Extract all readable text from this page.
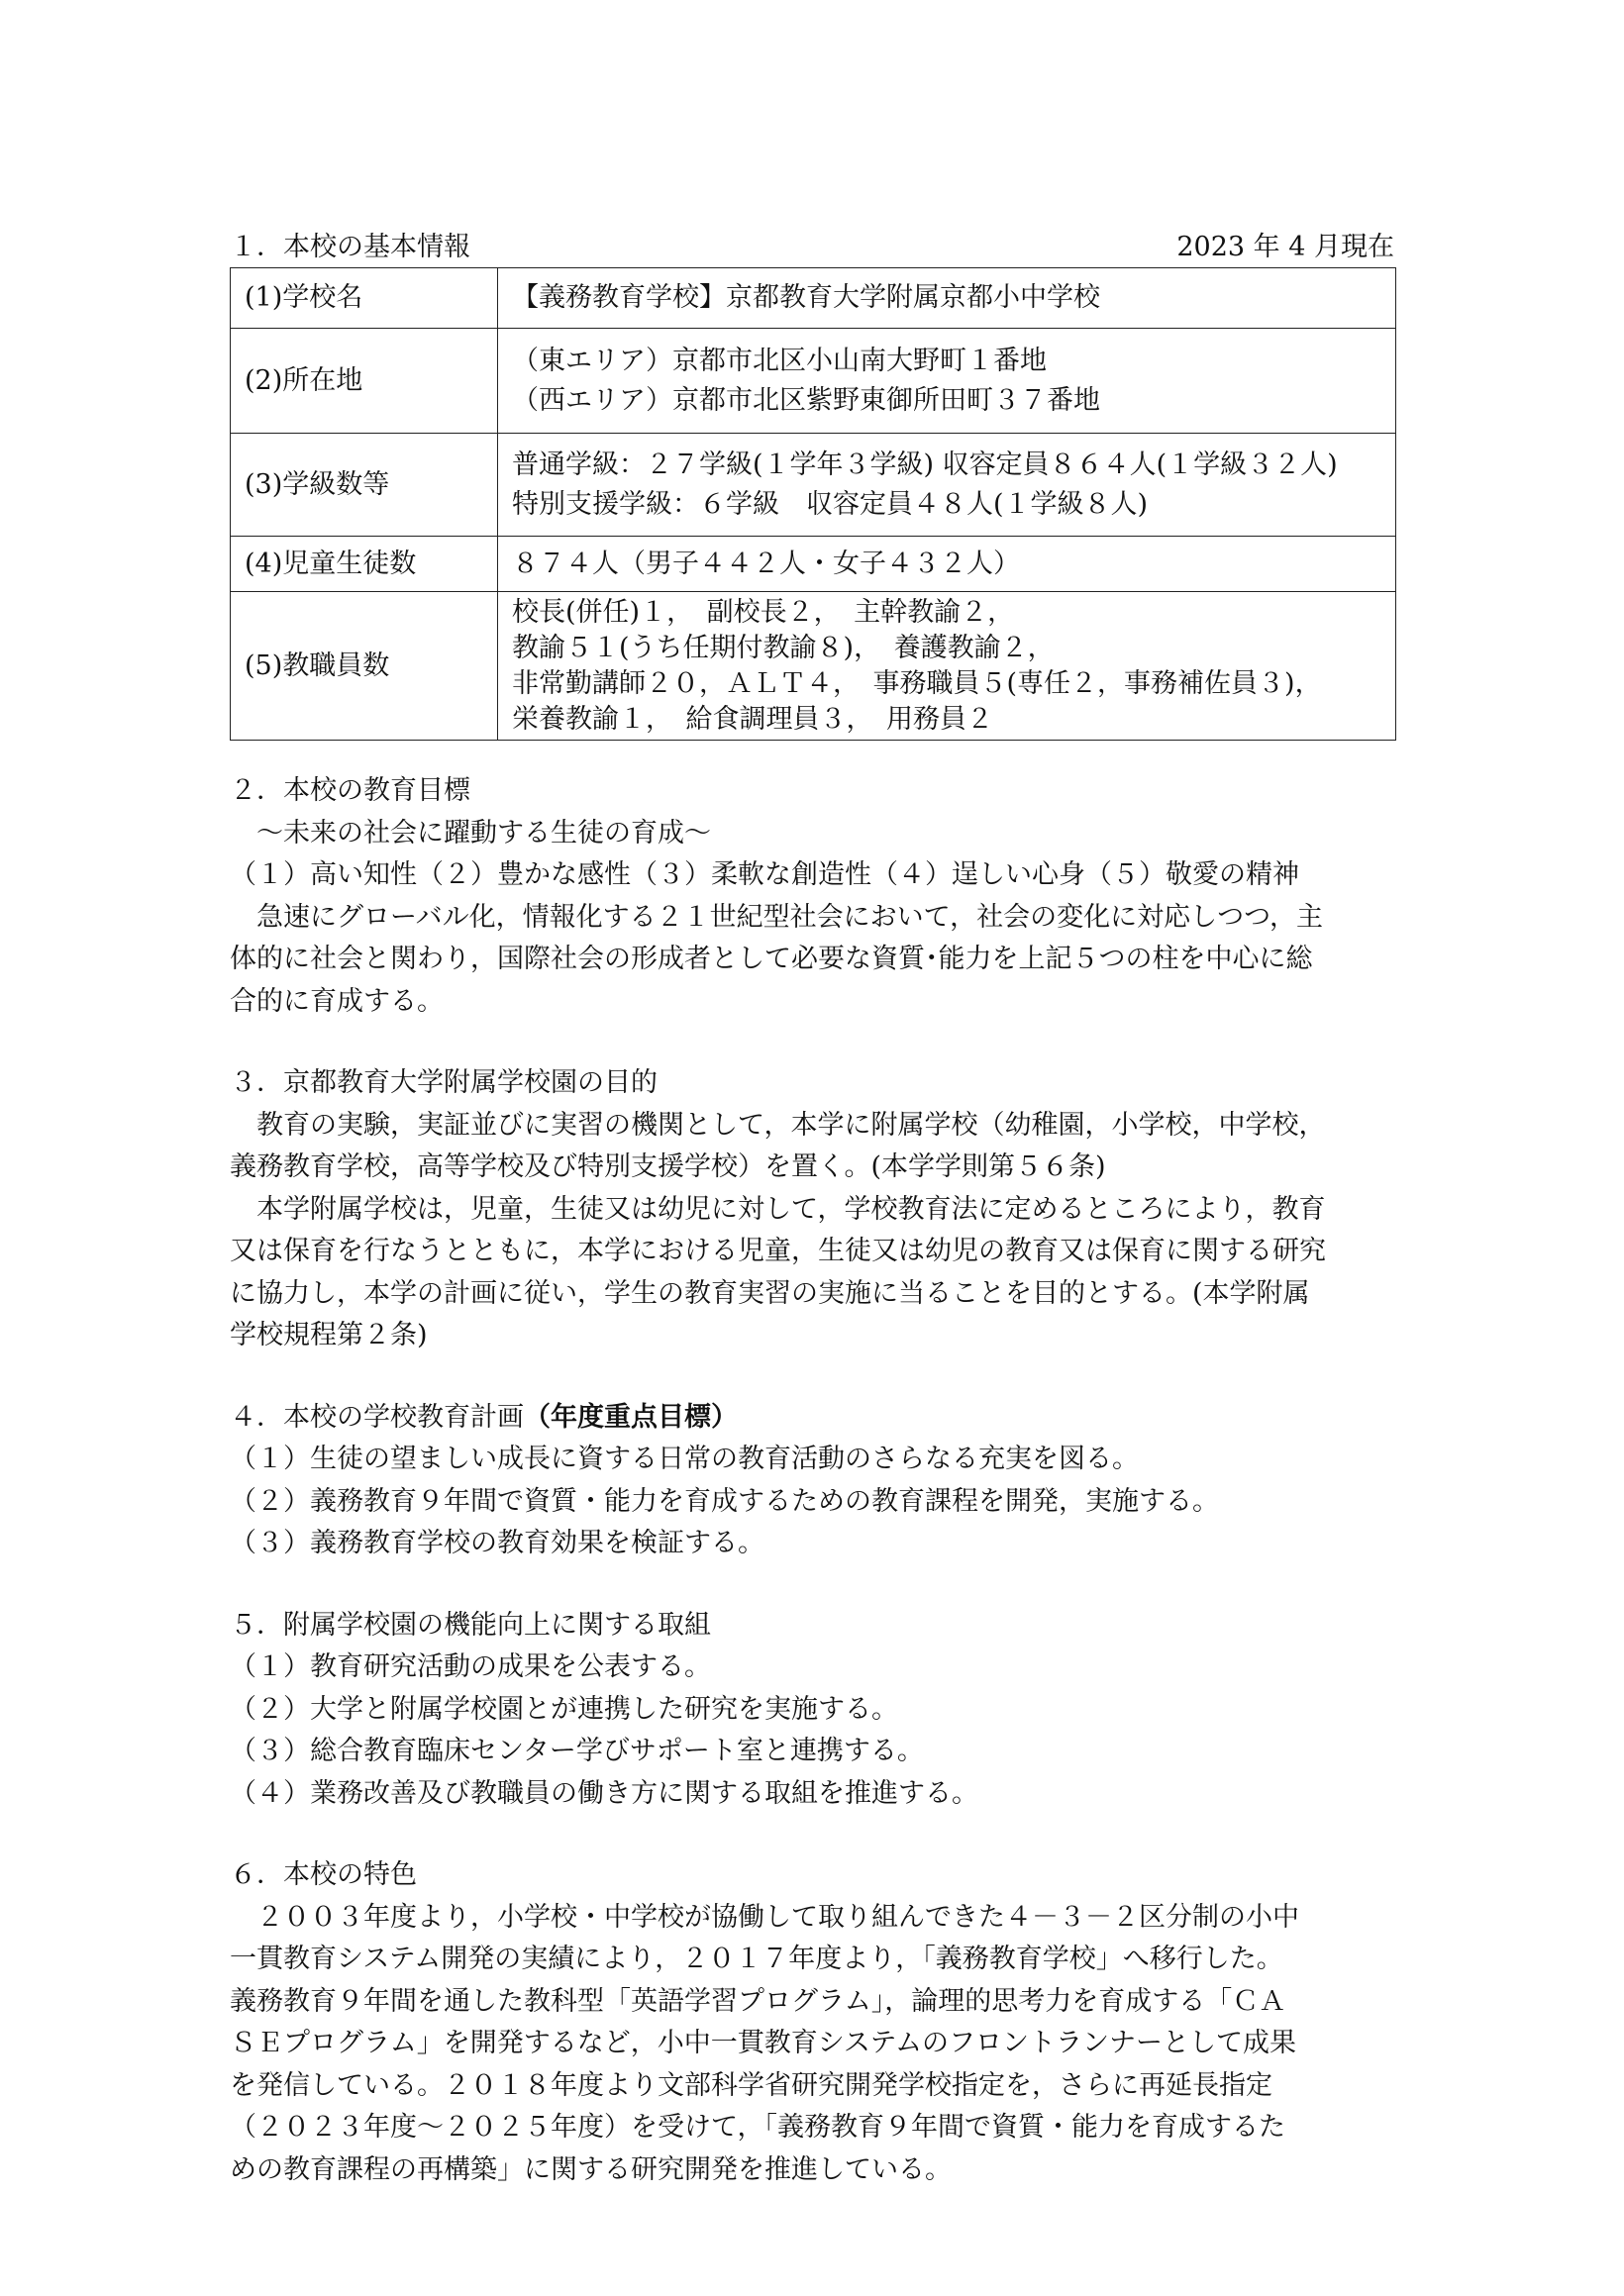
１．本校の基本情報	2023 年 4 月現在
(1)学校名	【義務教育学校】京都教育大学附属京都小中学校

(2)所在地	（東エリア）京都市北区小山南大野町１番地
（西エリア）京都市北区紫野東御所田町３７番地

(3)学級数等	普通学級：２７学級(１学年３学級) 収容定員８６４人(１学級３２人)
特別支援学級：６学級　収容定員４８人(１学級８人)

(4)児童生徒数	８７４人（男子４４２人・女子４３２人）

(5)教職員数	校長(併任)１，　副校長２，　主幹教諭２，
教諭５１(うち任期付教諭８)，　養護教諭２，
非常勤講師２０，ＡＬＴ４，　事務職員５(専任２，事務補佐員３)，
栄養教諭１，　給食調理員３，　用務員２
２．本校の教育目標

～未来の社会に躍動する生徒の育成～

（１）高い知性（２）豊かな感性（３）柔軟な創造性（４）逞しい心身（５）敬愛の精神

急速にグローバル化，情報化する２１世紀型社会において，社会の変化に対応しつつ，主

体的に社会と関わり，国際社会の形成者として必要な資質･能力を上記５つの柱を中心に総

合的に育成する。

３．京都教育大学附属学校園の目的

教育の実験，実証並びに実習の機関として，本学に附属学校（幼稚園，小学校，中学校，

義務教育学校，高等学校及び特別支援学校）を置く。(本学学則第５６条)

本学附属学校は，児童，生徒又は幼児に対して，学校教育法に定めるところにより，教育

又は保育を行なうとともに，本学における児童，生徒又は幼児の教育又は保育に関する研究

に協力し，本学の計画に従い，学生の教育実習の実施に当ることを目的とする。(本学附属

学校規程第２条)

４．本校の学校教育計画（年度重点目標）

（１）生徒の望ましい成長に資する日常の教育活動のさらなる充実を図る。

（２）義務教育９年間で資質・能力を育成するための教育課程を開発，実施する。

（３）義務教育学校の教育効果を検証する。

５．附属学校園の機能向上に関する取組

（１）教育研究活動の成果を公表する。

（２）大学と附属学校園とが連携した研究を実施する。

（３）総合教育臨床センター学びサポート室と連携する。

（４）業務改善及び教職員の働き方に関する取組を推進する。

６．本校の特色

　２００３年度より，小学校・中学校が協働して取り組んできた４－３－２区分制の小中

一貫教育システム開発の実績により，２０１７年度より，「義務教育学校」へ移行した。

義務教育９年間を通した教科型「英語学習プログラム」，論理的思考力を育成する「ＣＡ

ＳＥプログラム」を開発するなど，小中一貫教育システムのフロントランナーとして成果

を発信している。２０１８年度より文部科学省研究開発学校指定を，さらに再延長指定

（２０２３年度～２０２５年度）を受けて，「義務教育９年間で資質・能力を育成するた

めの教育課程の再構築」に関する研究開発を推進している。
